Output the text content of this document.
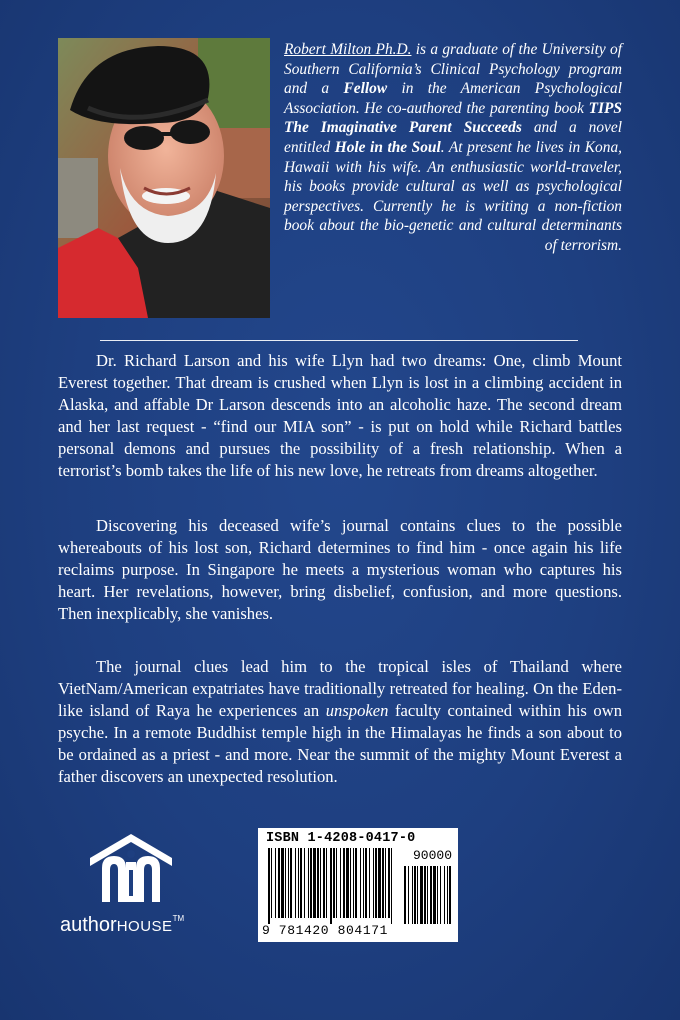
Robert Milton Ph.D. is a graduate of the University of Southern California’s Clinical Psychology program and a Fellow in the American Psychological Association. He co-authored the parenting book TIPS The Imaginative Parent Succeeds and a novel entitled Hole in the Soul. At present he lives in Kona, Hawaii with his wife. An enthusiastic world-traveler, his books provide cultural as well as psychological perspectives. Currently he is writing a non-fiction book about the bio-genetic and cultural determinants of terrorism.

Dr. Richard Larson and his wife Llyn had two dreams: One, climb Mount Everest together. That dream is crushed when Llyn is lost in a climbing accident in Alaska, and affable Dr Larson descends into an alcoholic haze. The second dream and her last request - “find our MIA son” - is put on hold while Richard battles personal demons and pursues the possibility of a fresh relationship. When a terrorist’s bomb takes the life of his new love, he retreats from dreams altogether.

Discovering his deceased wife’s journal contains clues to the possible whereabouts of his lost son, Richard determines to find him - once again his life reclaims purpose. In Singapore he meets a mysterious woman who captures his heart. Her revelations, however, bring disbelief, confusion, and more questions. Then inexplicably, she vanishes.

The journal clues lead him to the tropical isles of Thailand where VietNam/American expatriates have traditionally retreated for healing. On the Eden-like island of Raya he experiences an unspoken faculty contained within his own psyche. In a remote Buddhist temple high in the Himalayas he finds a son about to be ordained as a priest - and more. Near the summit of the mighty Mount Everest a father discovers an unexpected resolution.

authorHOUSE™
ISBN 1-4208-0417-0
90000
9 781420 804171
